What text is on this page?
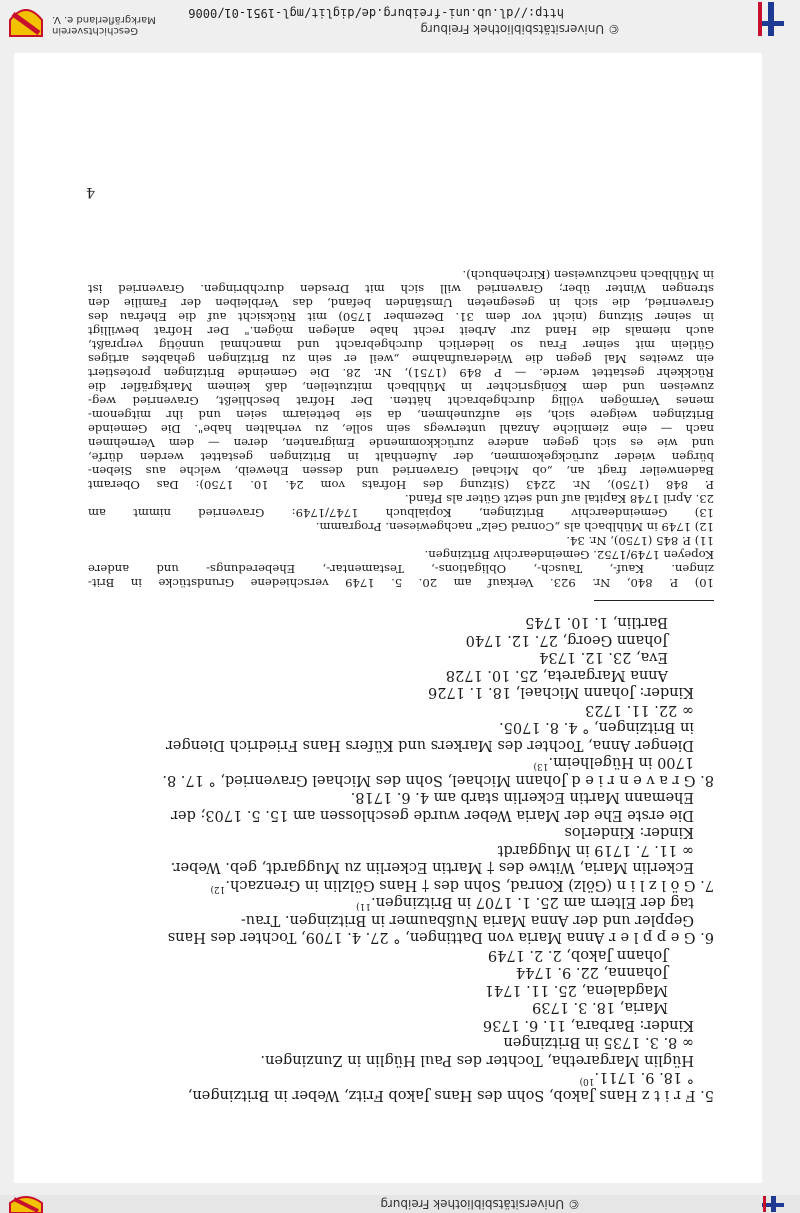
© Universitätsbibliothek Freiburg
5. F r i t z Hans Jakob, Sohn des Hans Jakob Fritz, Weber in Britzingen,
° 18. 9. 1711.$^{10)}$
Hüglin Margaretha, Tochter des Paul Hüglin in Zunzingen.
∞ 8. 3. 1735 in Britzingen
Kinder: Barbara, 11. 6. 1736
Maria, 18. 3. 1739
Magdalena, 25. 11. 1741
Johanna, 22. 9. 1744
Johann Jakob, 2. 2. 1749
6. G e p p l e r Anna Maria von Dattingen, ° 27. 4. 1709, Tochter des Hans
Geppler und der Anna Maria Nußbaumer in Britzingen. Trau-
tag der Eltern am 25. 1. 1707 in Britzingen.$^{11)}$
7. G ö l z l i n (Gölz) Konrad, Sohn des † Hans Gölzlin in Grenzach.$^{12)}$
Eckerlin Maria, Witwe des † Martin Eckerlin zu Muggardt, geb. Weber.
∞ 11. 7. 1719 in Muggardt
Kinder: Kinderlos
Die erste Ehe der Maria Weber wurde geschlossen am 15. 5. 1703; der
Ehemann Martin Eckerlin starb am 4. 6. 1718.
8. G r a v e n r i e d Johann Michael, Sohn des Michael Gravenried, ° 17. 8.
1700 in Hügelheim.$^{13)}$
Dienger Anna, Tochter des Markers und Küfers Hans Friedrich Dienger
in Britzingen, ° 4. 8. 1705.
∞ 22. 11. 1723
Kinder: Johann Michael, 18. 1. 1726
Anna Margareta, 25. 10. 1728
Eva, 23. 12. 1734
Johann Georg, 27. 12. 1740
Bartlin, 1. 10. 1745
10) P. 840, Nr. 923. Verkauf am 20. 5. 1749 verschiedene Grundstücke in Brit-
zingen. Kauf-, Tausch-, Obligations-, Testamentar-, Eheberedungs- und andere
Kopeyen 1749/1752. Gemeindearchiv Britzingen.
11) P. 845 (1750), Nr. 34.
12) 1749 in Mühlbach als „Conrad Gelz" nachgewiesen. Programm.
13) Gemeindearchiv Britzingen, Kopialbuch 1747/1749: Gravenried nimmt am
23. April 1748 Kapital auf und setzt Güter als Pfand.
P. 848 (1750), Nr. 2243 (Sitzung des Hofrats vom 24. 10. 1750): Das Oberamt
Badenweiler fragt an, „ob Michael Gravenried und dessen Eheweib, welche aus Sieben-
bürgen wieder zurückgekommen, der Aufenthalt in Britzingen gestattet werden dürfe,
und wie es sich gegen andere zurückkommende Emigranten, deren — dem Vernehmen
nach — eine ziemliche Anzahl unterwegs sein solle, zu verhalten habe". Die Gemeinde
Britzingen weigere sich, sie aufzunehmen, da sie betteiarm seien und ihr mitgenom-
menes Vermögen völlig durchgebracht hätten. Der Hofrat beschließt, Gravenried weg-
zuweisen und dem Königsrichter in Mühlbach mitzuteilen, daß keinem Markgräfler die
Rückkehr gestattet werde. — P 849 (1751), Nr. 28. Die Gemeinde Britzingen protestiert
ein zweites Mal gegen die Wiederaufnahme „weil er sein zu Britzingen gehabtes artiges
Gütlein mit seiner Frau so liederlich durchgebracht und manchmal unnötig verpraßt,
auch niemals die Hand zur Arbeit recht habe anlegen mögen." Der Hofrat bewilligt
in seiner Sitzung (nicht vor dem 31. Dezember 1750) mit Rücksicht auf die Ehefrau des
Gravenried, die sich in gesegneten Umständen befand, das Verbleiben der Familie den
strengen Winter über; Gravenried will sich mit Dresden durchbringen. Gravenried ist
in Mühlbach nachzuweisen (Kirchenbuch).
4
© Universitätsbibliothek Freiburg
http://dl.ub.uni-freiburg.de/diglit/mgl-1951-01/0006
Geschichtsverein
Markgräflerland e. V.
